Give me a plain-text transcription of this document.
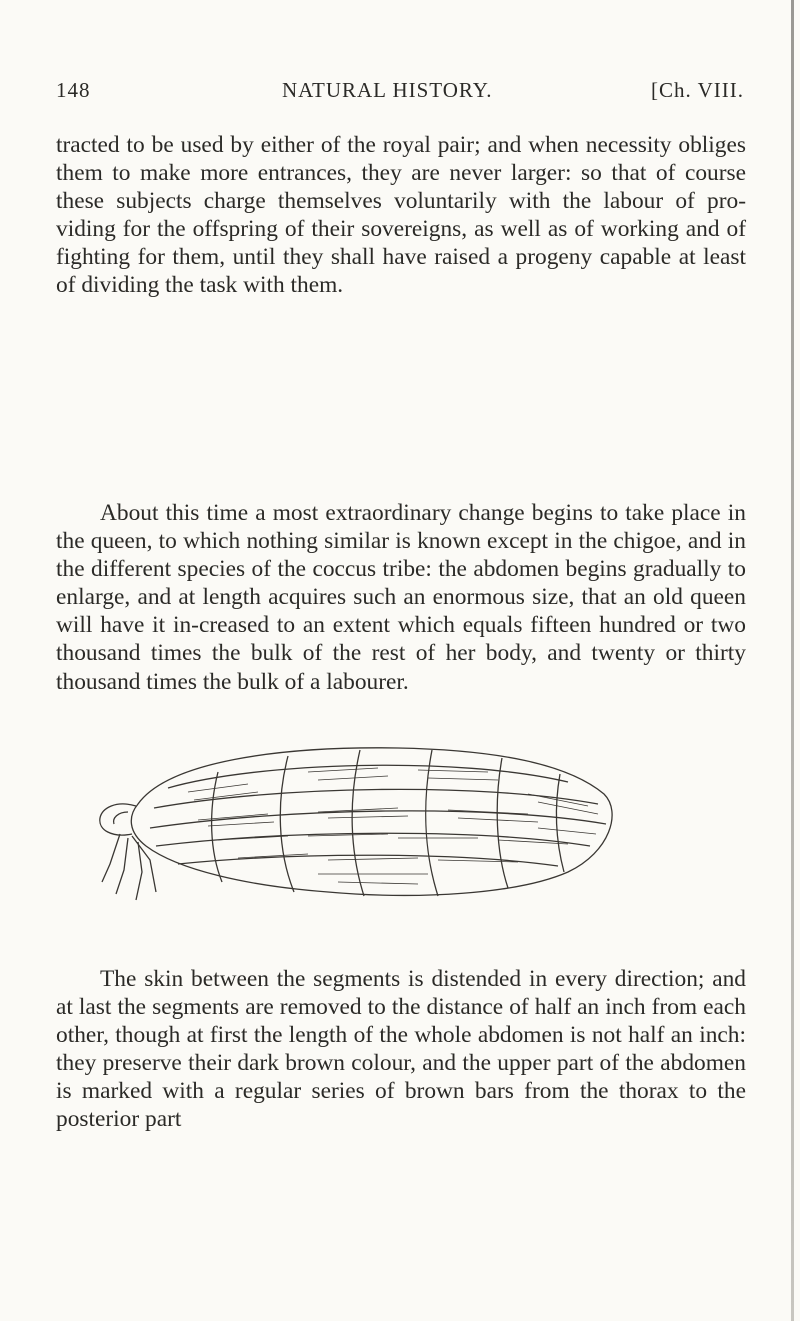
148	NATURAL HISTORY.	[Ch. VIII.

tracted to be used by either of the royal pair; and when necessity obliges them to make more entrances, they are never larger: so that of course these subjects charge themselves voluntarily with the labour of pro-viding for the offspring of their sovereigns, as well as of working and of fighting for them, until they shall have raised a progeny capable at least of dividing the task with them.

About this time a most extraordinary change begins to take place in the queen, to which nothing similar is known except in the chigoe, and in the different species of the coccus tribe: the abdomen begins gradually to enlarge, and at length acquires such an enormous size, that an old queen will have it in-creased to an extent which equals fifteen hundred or two thousand times the bulk of the rest of her body, and twenty or thirty thousand times the bulk of a labourer.

The skin between the segments is distended in every direction; and at last the segments are removed to the distance of half an inch from each other, though at first the length of the whole abdomen is not half an inch: they preserve their dark brown colour, and the upper part of the abdomen is marked with a regular series of brown bars from the thorax to the posterior part
